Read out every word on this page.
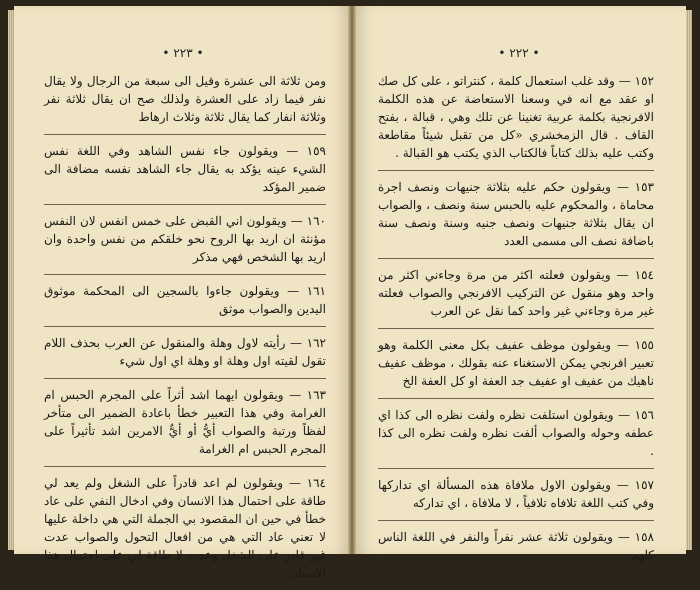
• ٢٢٣ •

ومن ثلاثة الى عشرة وقيل الى سبعة من الرجال ولا يقال نفر فيما زاد على العشرة ولذلك صح ان يقال ثلاثة نفر وثلاثة انفار كما يقال ثلاثة وثلاث ارهاط

١٥٩ — ويقولون جاء نفس الشاهد وفي اللغة نفس الشيء عينه يؤكد به يقال جاء الشاهد نفسه مضافة الى ضمير المؤكد

١٦٠ — ويقولون اني القبض على خمس انفس لان النفس مؤنثة ان اريد بها الروح نحو خلقكم من نفس واحدة وان اريد بها الشخص فهي مذكر

١٦١ — ويقولون جاءوا بالسجين الى المحكمة موثوق اليدين والصواب موثق

١٦٢ — رأيته لاول وهلة والمنقول عن العرب بحذف اللام تقول لقيته اول وهلة او وهلة اي اول شيء

١٦٣ — ويقولون ايهما اشد أثراً على المجرم الحبس ام الغرامة وفي هذا التعبير خطأ باعادة الضمير الى متأخر لفظاً ورتبة والصواب أيُّ أو أيٌّ الامرين اشد تأثيراً على المجرم الحبس ام الغرامة

١٦٤ — ويقولون لم اعد قادراً على الشغل ولم يعد لي طاقة على احتمال هذا الانسان وفي ادخال النفي على عاد خطأ في حين ان المقصود بي الجملة التي هي داخلة عليها لا تعني عاد التي هي من افعال التحول والصواب عدت غير قادر على الشغل وعدت لا طاقة لي على احتمال هذا الانسان .

• ٢٢٢ •

١٥٢ — وقد غلب استعمال كلمة ، كنتراتو ، على كل صك او عقد مع انه في وسعنا الاستعاضة عن هذه الكلمة الافرنجية بكلمة عربية تغنينا عن تلك وهي ، قبالة ، بفتح القاف . قال الزمخشري «كل من تقبل شيئاً مقاطعة وكتب عليه بذلك كتاباً فالكتاب الذي يكتب هو القبالة .

١٥٣ — ويقولون حكم عليه بثلاثة جنيهات ونصف اجرة محاماة ، والمحكوم عليه بالحبس سنة ونصف ، والصواب ان يقال بثلاثة جنيهات ونصف جنيه وسنة ونصف سنة باضافة نصف الى مسمى العدد

١٥٤ — ويقولون فعلته اكثر من مرة وجاءني اكثر من واحد وهو منقول عن التركيب الافرنجي والصواب فعلته غير مرة وجاءني غير واحد كما نقل عن العرب

١٥٥ — ويقولون موظف عفيف بكل معنى الكلمة وهو تعبير افرنجي يمكن الاستغناء عنه بقولك ، موظف عفيف ناهيك من عفيف او عفيف جد العفة او كل العفة الخ

١٥٦ — ويقولون استلفت نظره ولفت نظره الى كذا اي عطفه وحوله والصواب ألفت نظره ولفت نظره الى كذا .

١٥٧ — ويقولون الاول ملافاة هذه المسألة اي تداركها وفي كتب اللغة تلافاه تلافياً ، لا ملافاة ، اي تداركه

١٥٨ — ويقولون ثلاثة عشر نفراً والنفر في اللغة الناس كلهم
